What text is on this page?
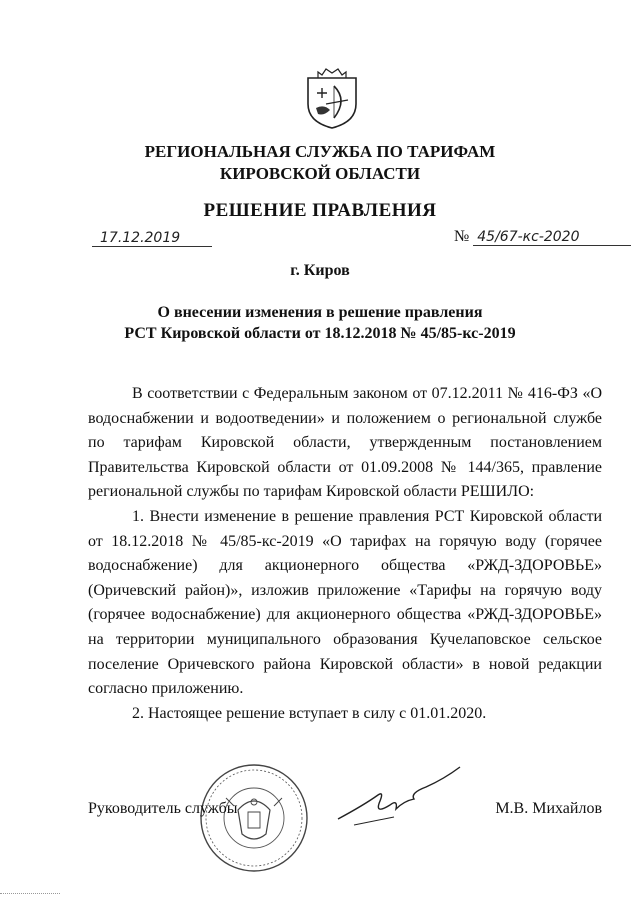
РЕГИОНАЛЬНАЯ СЛУЖБА ПО ТАРИФАМ
КИРОВСКОЙ ОБЛАСТИ
РЕШЕНИЕ ПРАВЛЕНИЯ
17.12.2019	№ 45/67-кс-2020
г. Киров
О внесении изменения в решение правления
РСТ Кировской области от 18.12.2018 № 45/85-кс-2019

В соответствии с Федеральным законом от 07.12.2011 № 416-ФЗ «О водоснабжении и водоотведении» и положением о региональной службе по тарифам Кировской области, утвержденным постановлением Правительства Кировской области от 01.09.2008 № 144/365, правление региональной службы по тарифам Кировской области РЕШИЛО:

1. Внести изменение в решение правления РСТ Кировской области от 18.12.2018 № 45/85-кс-2019 «О тарифах на горячую воду (горячее водоснабжение) для акционерного общества «РЖД-ЗДОРОВЬЕ» (Оричевский район)», изложив приложение «Тарифы на горячую воду (горячее водоснабжение) для акционерного общества «РЖД-ЗДОРОВЬЕ» на территории муниципального образования Кучелаповское сельское поселение Оричевского района Кировской области» в новой редакции согласно приложению.

2. Настоящее решение вступает в силу с 01.01.2020.

Руководитель службы	М.В. Михайлов
